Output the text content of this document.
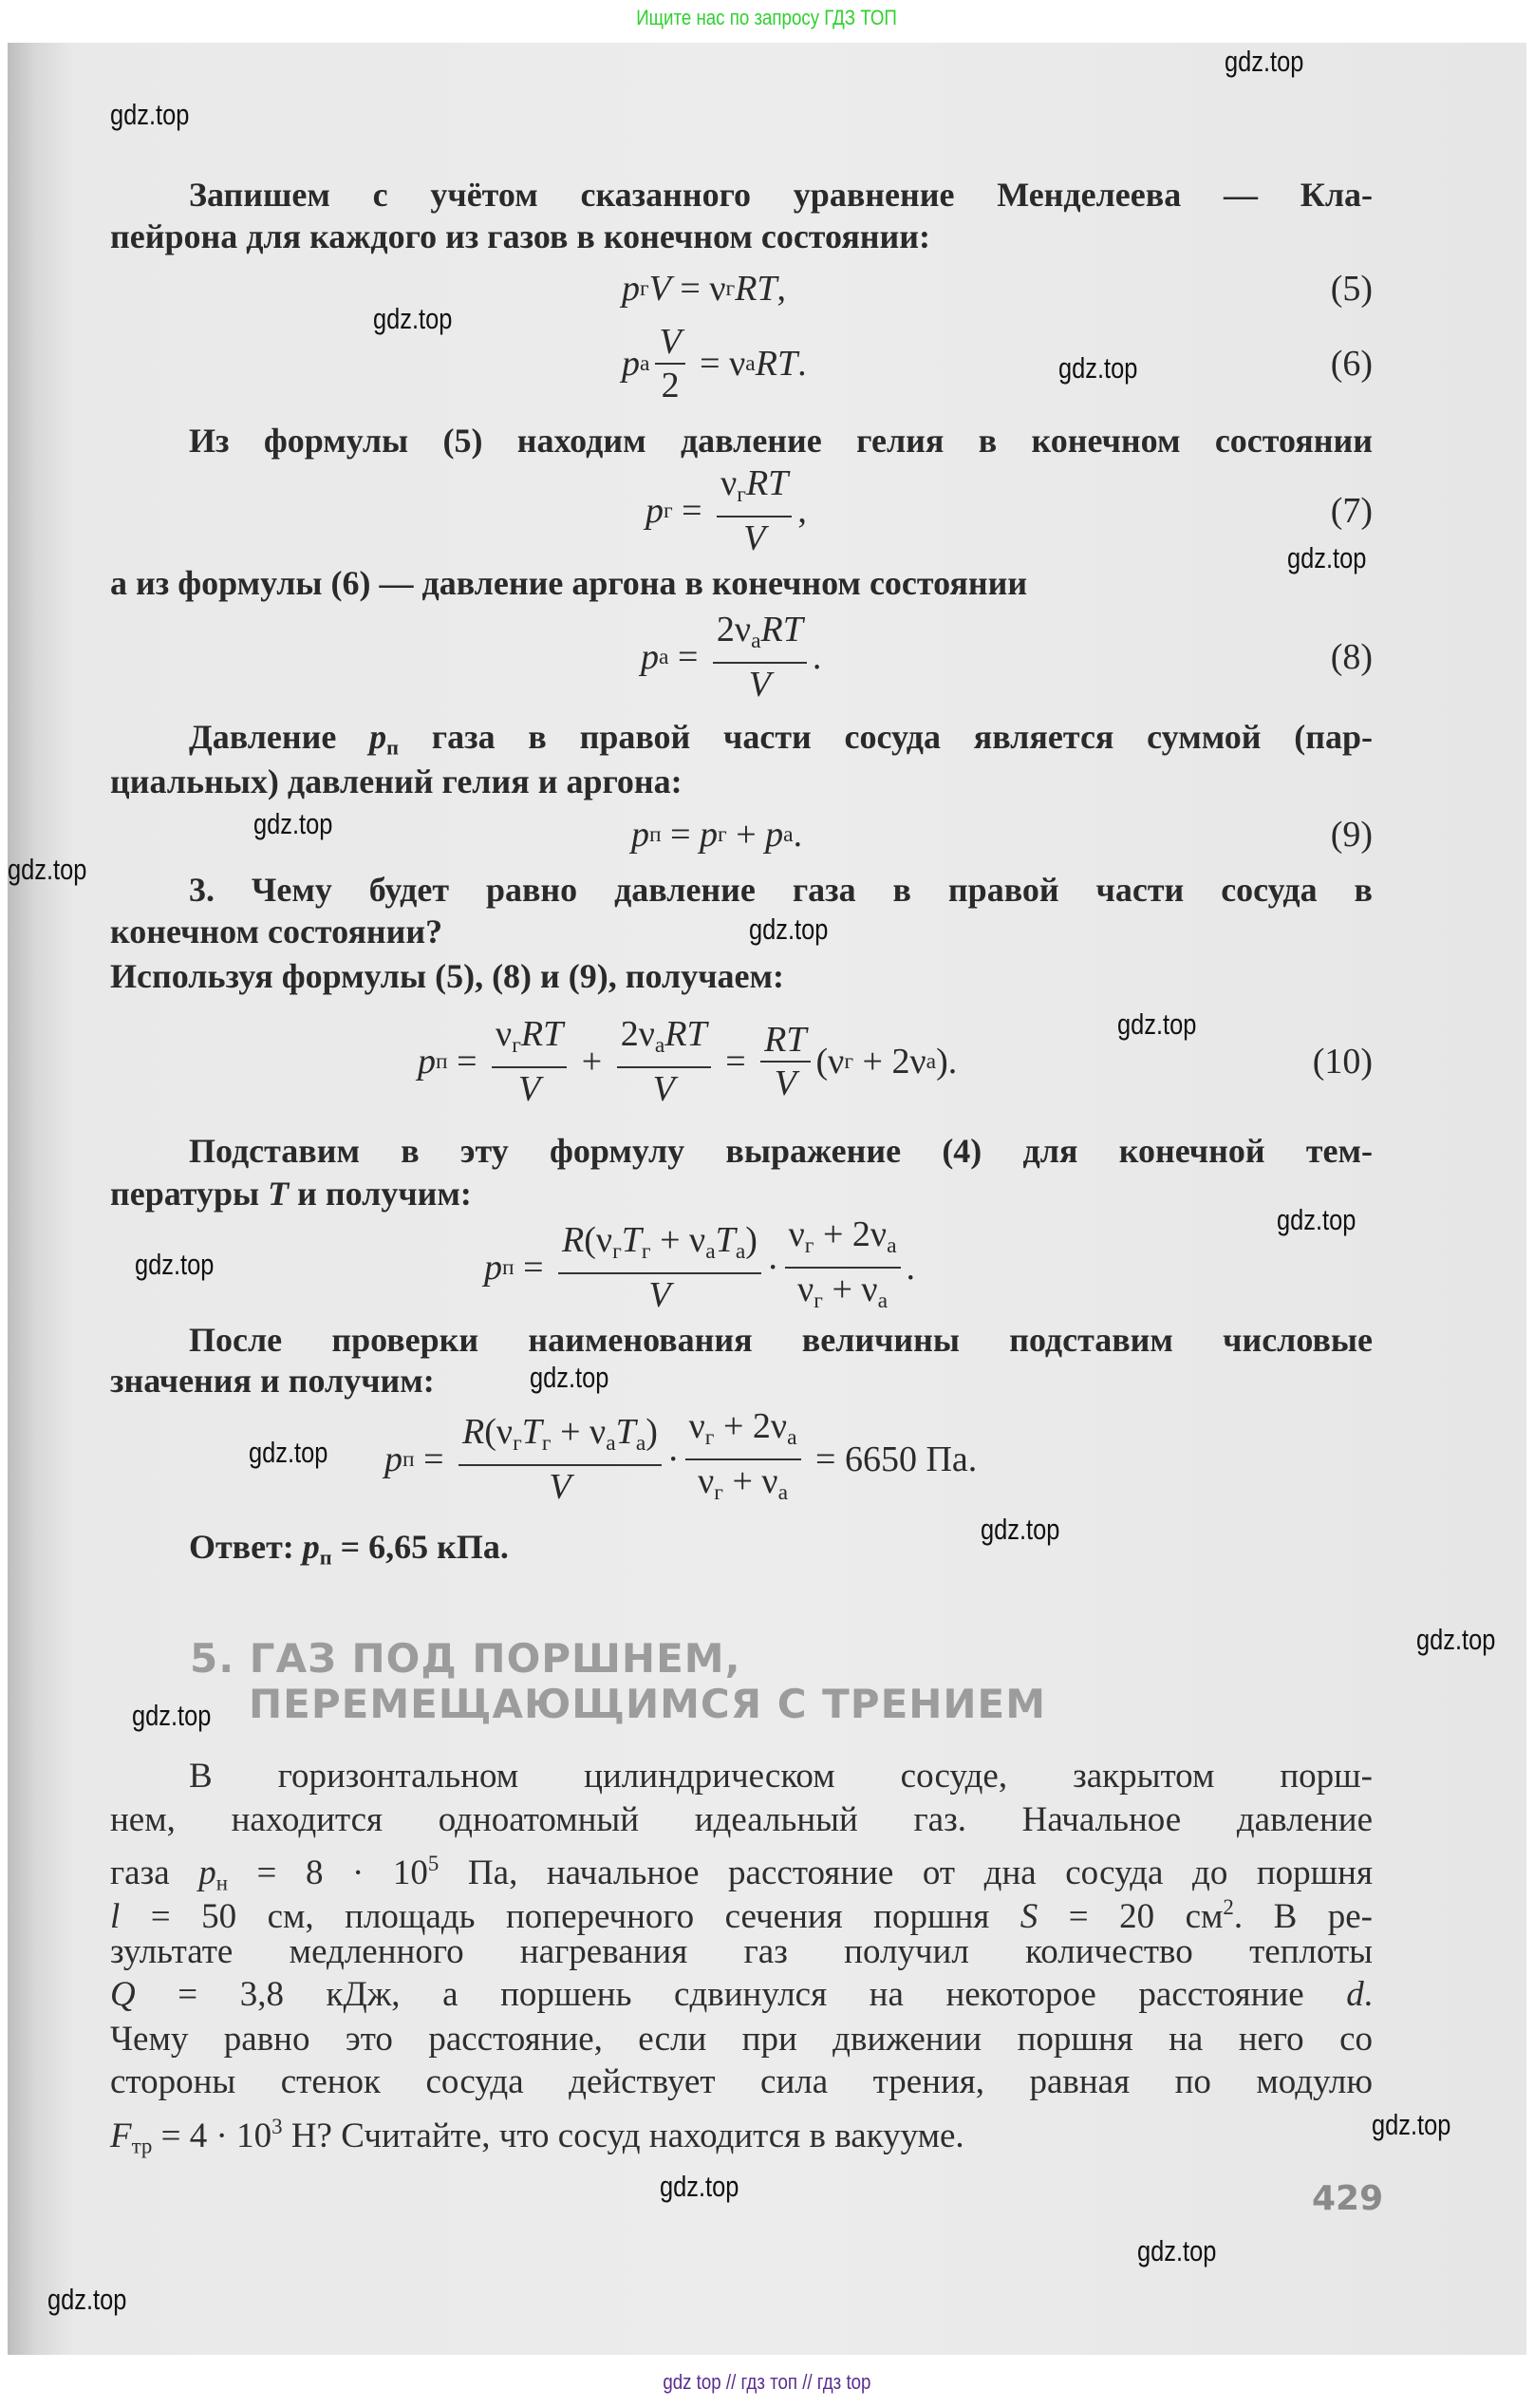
Ищите нас по запросу ГДЗ ТОП
Запишем с учётом сказанного уравнение Менделеева — Кла-
пейрона для каждого из газов в конечном состоянии:
Из формулы (5) находим давление гелия в конечном состоянии
а из формулы (6) — давление аргона в конечном состоянии
Давление $p_п$ газа в правой части сосуда является суммой (пар-
циальных) давлений гелия и аргона:
3. Чему будет равно давление газа в правой части сосуда в
конечном состоянии?
Используя формулы (5), (8) и (9), получаем:
Подставим в эту формулу выражение (4) для конечной тем-
пературы T и получим:
После проверки наименования величины подставим числовые
значения и получим:
Ответ: $p_п = 6,65$ кПа.
p г V = ν г RT ,	(5)
p а $\frac{V}{2} = \nu$ а RT .	(6)
p $г = \frac{\nu_гRT}{V}$ ,	(7)
p $а = \frac{2\nu_аRT}{V}$ .	(8)
p п = p г + p а .	(9)
p $п = \frac{\nu_гRT}{V} + \frac{2\nu_аRT}{V} = \frac{RT}{V} (\nu$ г + 2ν а ).	(10)
p $п = \frac{R(\nu_гT_г + \nu_аT_а)}{V} \cdot \frac{\nu_г + 2\nu_а}{\nu_г + \nu_а}$ .
p $п = \frac{R(\nu_гT_г + \nu_аT_а)}{V} \cdot \frac{\nu_г + 2\nu_а}{\nu_г + \nu_а} = 6650$ Па.
5. ГАЗ ПОД ПОРШНЕМ,
ПЕРЕМЕЩАЮЩИМСЯ С ТРЕНИЕМ
В горизонтальном цилиндрическом сосуде, закрытом порш-
нем, находится одноатомный идеальный газ. Начальное давление
газа $p_н = 8 \cdot 10^5$ Па, начальное расстояние от дна сосуда до поршня
l = 50 см, площадь поперечного сечения поршня S = 20 $см^2$. В ре-
зультате медленного нагревания газ получил количество теплоты
Q = 3,8 кДж, а поршень сдвинулся на некоторое расстояние d.
Чему равно это расстояние, если при движении поршня на него со
стороны стенок сосуда действует сила трения, равная по модулю
$F_{тр} = 4 \cdot 10^3$ Н? Считайте, что сосуд находится в вакууме.
429
gdz.top
gdz.top
gdz.top
gdz.top
gdz.top
gdz.top
gdz.top
gdz.top
gdz.top
gdz.top
gdz.top
gdz.top
gdz.top
gdz.top
gdz.top
gdz.top
gdz.top
gdz.top
gdz.top
gdz.top
gdz top // гдз топ // гдз top
